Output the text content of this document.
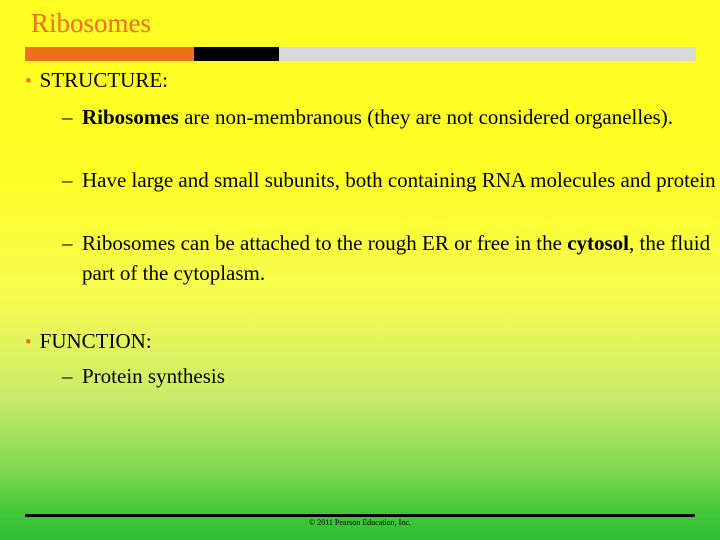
Ribosomes
• STRUCTURE:
– Ribosomes are non-membranous (they are not considered organelles).
– Have large and small subunits, both containing RNA molecules and protein
– Ribosomes can be attached to the rough ER or free in the cytosol, the fluid part of the cytoplasm.
• FUNCTION:
– Protein synthesis
© 2011 Pearson Education, Inc.
